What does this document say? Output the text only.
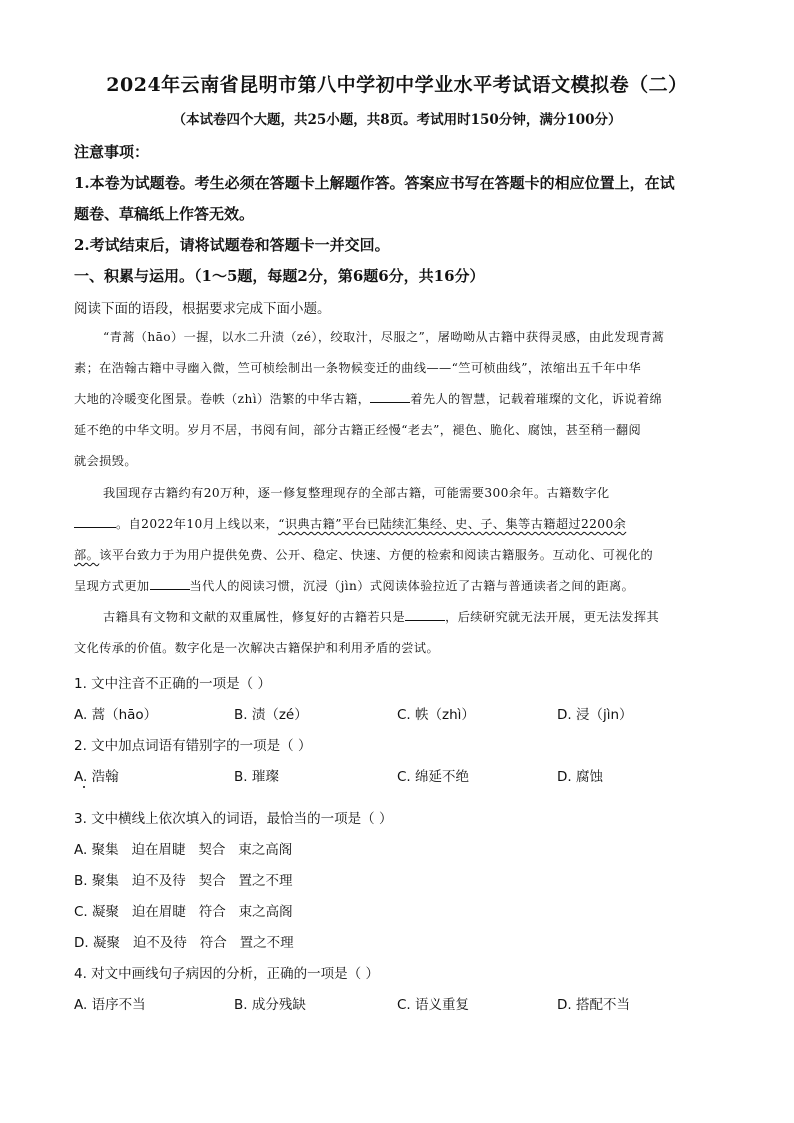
2024年云南省昆明市第八中学初中学业水平考试语文模拟卷（二）
（本试卷四个大题，共25小题，共8页。考试用时150分钟，满分100分）
注意事项：
1.本卷为试题卷。考生必须在答题卡上解题作答。答案应书写在答题卡的相应位置上，在试
题卷、草稿纸上作答无效。
2.考试结束后，请将试题卷和答题卡一并交回。
一、积累与运用。（1～5题，每题2分，第6题6分，共16分）
阅读下面的语段，根据要求完成下面小题。
“青蒿（hāo）一握，以水二升渍（zé），绞取汁，尽服之”，屠呦呦从古籍中获得灵感，由此发现青蒿
素；在浩翰古籍中寻幽入微，竺可桢绘制出一条物候变迁的曲线——“竺可桢曲线”，浓缩出五千年中华
大地的冷暖变化图景。卷帙（zhì）浩繁的中华古籍，	着先人的智慧，记载着璀璨的文化，诉说着绵
延不绝的中华文明。岁月不居，书阅有间，部分古籍正经慢“老去”，褪色、脆化、腐蚀，甚至稍一翻阅
就会损毁。
我国现存古籍约有20万种，逐一修复整理现存的全部古籍，可能需要300余年。古籍数字化
。自2022年10月上线以来，“识典古籍”平台已陆续汇集经、史、子、集等古籍超过2200余
部。该平台致力于为用户提供免费、公开、稳定、快速、方便的检索和阅读古籍服务。互动化、可视化的
呈现方式更加	当代人的阅读习惯，沉浸（jìn）式阅读体验拉近了古籍与普通读者之间的距离。
古籍具有文物和文献的双重属性，修复好的古籍若只是	，后续研究就无法开展，更无法发挥其
文化传承的价值。数字化是一次解决古籍保护和利用矛盾的尝试。
1. 文中注音不正确的一项是（ ）
A. 蒿（hāo）	B. 渍（zé）	C. 帙（zhì）	D. 浸（jìn）
2. 文中加点词语有错别字的一项是（ ）
A. 浩翰	B. 璀璨	C. 绵延不绝	D. 腐蚀
3. 文中横线上依次填入的词语，最恰当的一项是（ ）
A. 聚集   迫在眉睫   契合   束之高阁
B. 聚集   迫不及待   契合   置之不理
C. 凝聚   迫在眉睫   符合   束之高阁
D. 凝聚   迫不及待   符合   置之不理
4. 对文中画线句子病因的分析，正确的一项是（ ）
A. 语序不当	B. 成分残缺	C. 语义重复	D. 搭配不当
